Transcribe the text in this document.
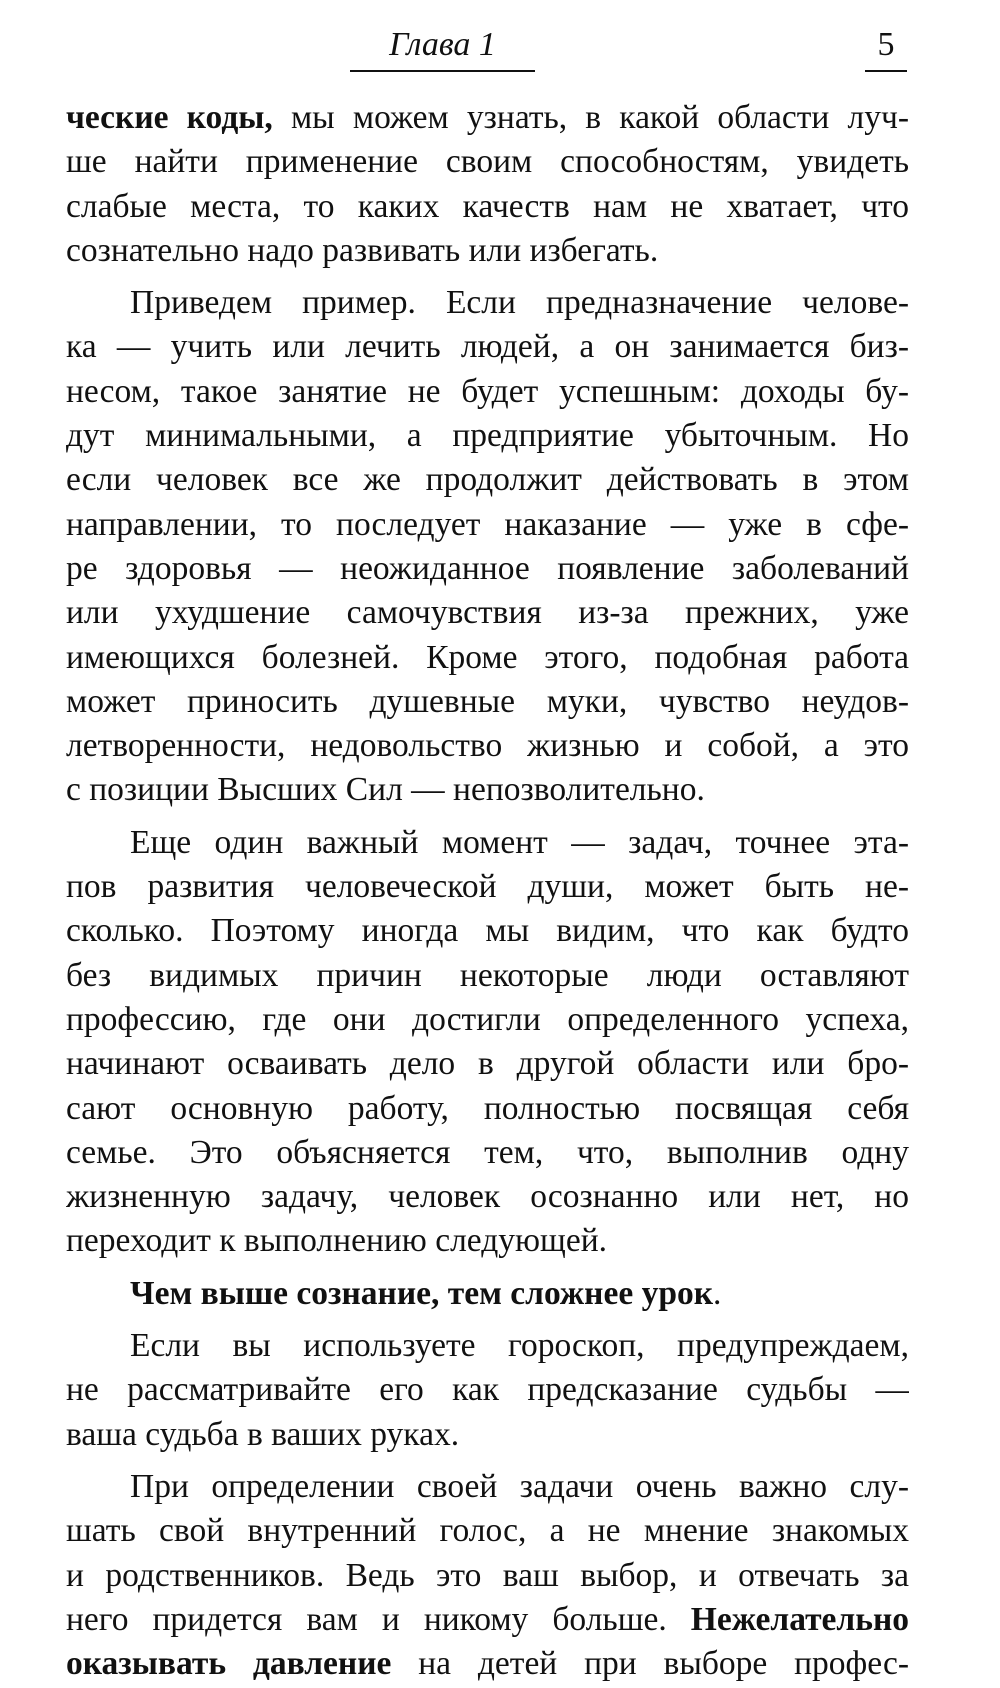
Глава 1	5
ческие коды, мы можем узнать, в какой области луч-
ше найти применение своим способностям, увидеть
слабые места, то каких качеств нам не хватает, что
сознательно надо развивать или избегать.
Приведем пример. Если предназначение челове-
ка — учить или лечить людей, а он занимается биз-
несом, такое занятие не будет успешным: доходы бу-
дут минимальными, а предприятие убыточным. Но
если человек все же продолжит действовать в этом
направлении, то последует наказание — уже в сфе-
ре здоровья — неожиданное появление заболеваний
или ухудшение самочувствия из-за прежних, уже
имеющихся болезней. Кроме этого, подобная работа
может приносить душевные муки, чувство неудов-
летворенности, недовольство жизнью и собой, а это
с позиции Высших Сил — непозволительно.
Еще один важный момент — задач, точнее эта-
пов развития человеческой души, может быть не-
сколько. Поэтому иногда мы видим, что как будто
без видимых причин некоторые люди оставляют
профессию, где они достигли определенного успеха,
начинают осваивать дело в другой области или бро-
сают основную работу, полностью посвящая себя
семье. Это объясняется тем, что, выполнив одну
жизненную задачу, человек осознанно или нет, но
переходит к выполнению следующей.
Чем выше сознание, тем сложнее урок.
Если вы используете гороскоп, предупреждаем,
не рассматривайте его как предсказание судьбы —
ваша судьба в ваших руках.
При определении своей задачи очень важно слу-
шать свой внутренний голос, а не мнение знакомых
и родственников. Ведь это ваш выбор, и отвечать за
него придется вам и никому больше. Нежелательно
оказывать давление на детей при выборе профес-
